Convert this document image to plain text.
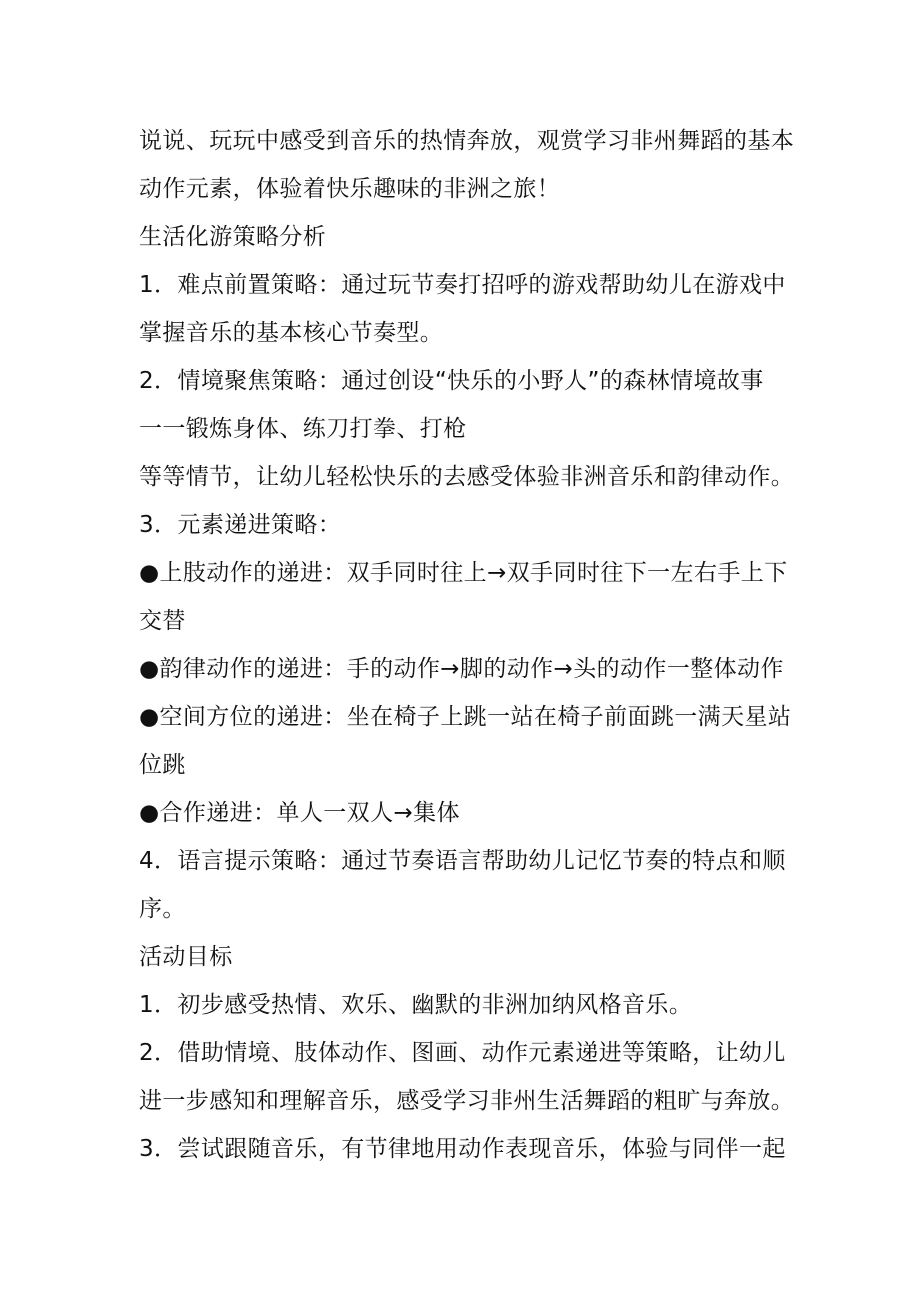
说说、玩玩中感受到音乐的热情奔放，观赏学习非州舞蹈的基本
动作元素，体验着快乐趣味的非洲之旅！
生活化游策略分析
1．难点前置策略：通过玩节奏打招呼的游戏帮助幼儿在游戏中
掌握音乐的基本核心节奏型。
2．情境聚焦策略：通过创设“快乐的小野人”的森林情境故事
一一锻炼身体、练刀打拳、打枪
等等情节，让幼儿轻松快乐的去感受体验非洲音乐和韵律动作。
3．元素递进策略：
●上肢动作的递进：双手同时往上→双手同时往下一左右手上下
交替
●韵律动作的递进：手的动作→脚的动作→头的动作一整体动作
●空间方位的递进：坐在椅子上跳一站在椅子前面跳一满天星站
位跳
●合作递进：单人一双人→集体
4．语言提示策略：通过节奏语言帮助幼儿记忆节奏的特点和顺
序。
活动目标
1．初步感受热情、欢乐、幽默的非洲加纳风格音乐。
2．借助情境、肢体动作、图画、动作元素递进等策略，让幼儿
进一步感知和理解音乐，感受学习非州生活舞蹈的粗旷与奔放。
3．尝试跟随音乐，有节律地用动作表现音乐，体验与同伴一起
